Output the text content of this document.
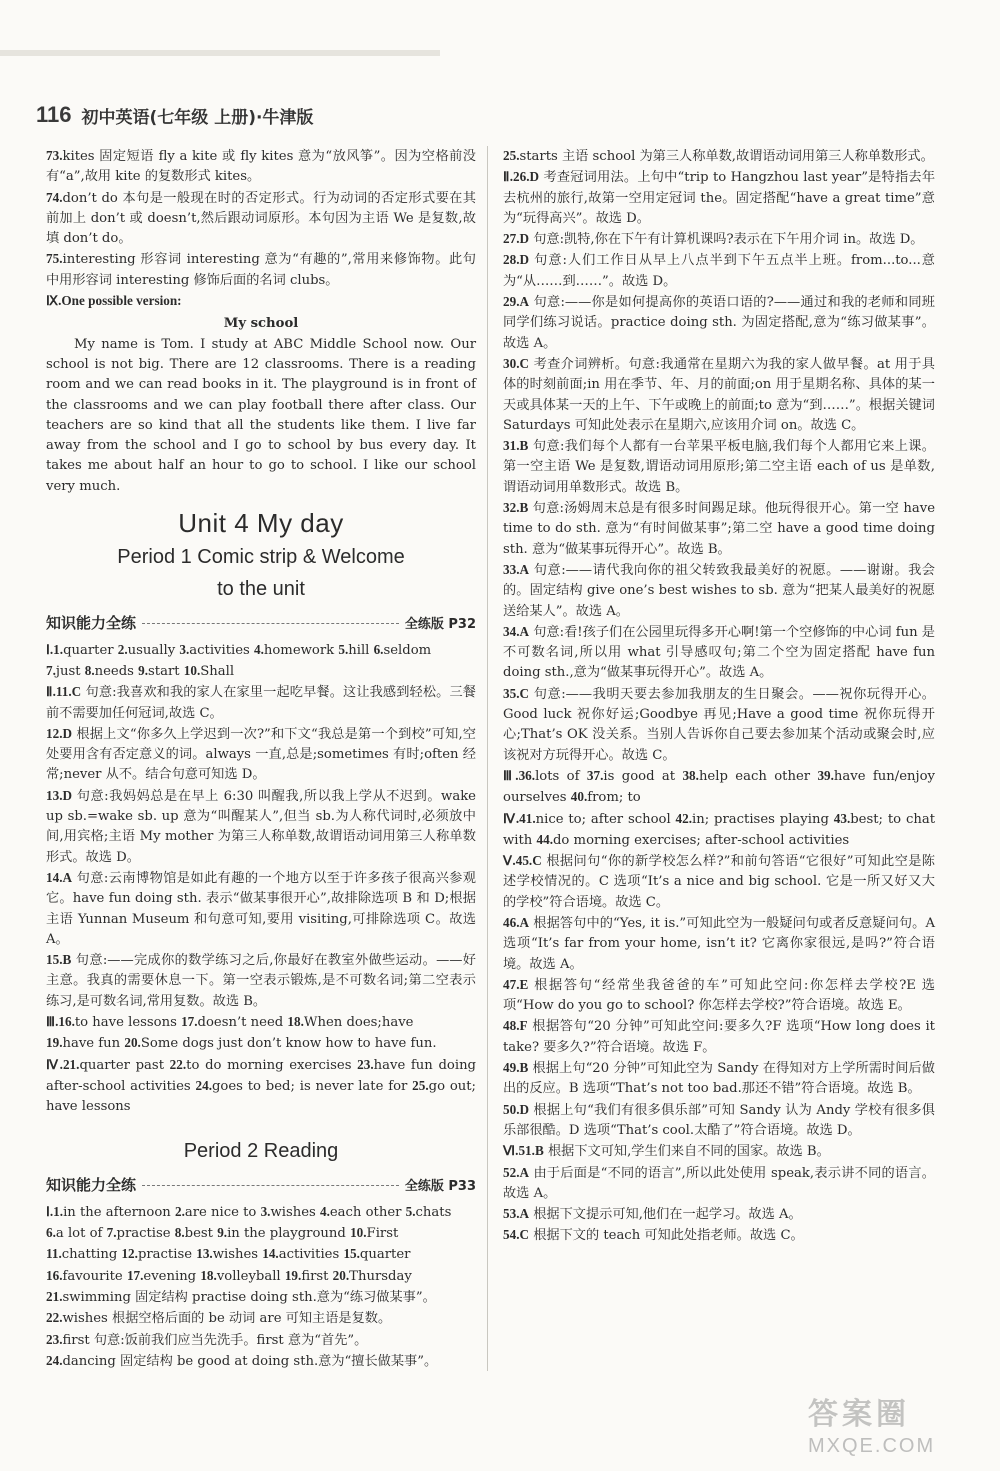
116 初中英语(七年级 上册)·牛津版
73.kites 固定短语 fly a kite 或 fly kites 意为“放风筝”。因为空格前没有“a”,故用 kite 的复数形式 kites。
74.don’t do 本句是一般现在时的否定形式。行为动词的否定形式要在其前加上 don’t 或 doesn’t,然后跟动词原形。本句因为主语 We 是复数,故填 don’t do。
75.interesting 形容词 interesting 意为“有趣的”,常用来修饰物。此句中用形容词 interesting 修饰后面的名词 clubs。
Ⅸ.One possible version:
My school
My name is Tom. I study at ABC Middle School now. Our school is not big. There are 12 classrooms. There is a reading room and we can read books in it. The playground is in front of the classrooms and we can play football there after class. Our teachers are so kind that all the students like them. I live far away from the school and I go to school by bus every day. It takes me about half an hour to go to school. I like our school very much.
Unit 4 My day
Period 1 Comic strip & Welcome
to the unit
知识能力全练	全练版 P32
Ⅰ.1.quarter 2.usually 3.activities 4.homework 5.hill 6.seldom
7.just 8.needs 9.start 10.Shall
Ⅱ.11.C 句意:我喜欢和我的家人在家里一起吃早餐。这让我感到轻松。三餐前不需要加任何冠词,故选 C。
12.D 根据上文“你多久上学迟到一次?”和下文“我总是第一个到校”可知,空处要用含有否定意义的词。always 一直,总是;sometimes 有时;often 经常;never 从不。结合句意可知选 D。
13.D 句意:我妈妈总是在早上 6:30 叫醒我,所以我上学从不迟到。wake up sb.=wake sb. up 意为“叫醒某人”,但当 sb.为人称代词时,必须放中间,用宾格;主语 My mother 为第三人称单数,故谓语动词用第三人称单数形式。故选 D。
14.A 句意:云南博物馆是如此有趣的一个地方以至于许多孩子很高兴参观它。have fun doing sth. 表示“做某事很开心”,故排除选项 B 和 D;根据主语 Yunnan Museum 和句意可知,要用 visiting,可排除选项 C。故选 A。
15.B 句意:——完成你的数学练习之后,你最好在教室外做些运动。——好主意。我真的需要休息一下。第一空表示锻炼,是不可数名词;第二空表示练习,是可数名词,常用复数。故选 B。
Ⅲ.16.to have lessons 17.doesn’t need 18.When does;have
19.have fun 20.Some dogs just don’t know how to have fun.
Ⅳ.21.quarter past 22.to do morning exercises 23.have fun doing after-school activities 24.goes to bed; is never late for 25.go out; have lessons
Period 2 Reading
知识能力全练	全练版 P33
Ⅰ.1.in the afternoon 2.are nice to 3.wishes 4.each other 5.chats
6.a lot of 7.practise 8.best 9.in the playground 10.First
11.chatting 12.practise 13.wishes 14.activities 15.quarter
16.favourite 17.evening 18.volleyball 19.first 20.Thursday
21.swimming 固定结构 practise doing sth.意为“练习做某事”。
22.wishes 根据空格后面的 be 动词 are 可知主语是复数。
23.first 句意:饭前我们应当先洗手。first 意为“首先”。
24.dancing 固定结构 be good at doing sth.意为“擅长做某事”。
25.starts 主语 school 为第三人称单数,故谓语动词用第三人称单数形式。
Ⅱ.26.D 考查冠词用法。上句中“trip to Hangzhou last year”是特指去年去杭州的旅行,故第一空用定冠词 the。固定搭配“have a great time”意为“玩得高兴”。故选 D。
27.D 句意:凯特,你在下午有计算机课吗?表示在下午用介词 in。故选 D。
28.D 句意:人们工作日从早上八点半到下午五点半上班。from...to...意为“从……到……”。故选 D。
29.A 句意:——你是如何提高你的英语口语的?——通过和我的老师和同班同学们练习说话。practice doing sth. 为固定搭配,意为“练习做某事”。故选 A。
30.C 考查介词辨析。句意:我通常在星期六为我的家人做早餐。at 用于具体的时刻前面;in 用在季节、年、月的前面;on 用于星期名称、具体的某一天或具体某一天的上午、下午或晚上的前面;to 意为“到……”。根据关键词 Saturdays 可知此处表示在星期六,应该用介词 on。故选 C。
31.B 句意:我们每个人都有一台苹果平板电脑,我们每个人都用它来上课。第一空主语 We 是复数,谓语动词用原形;第二空主语 each of us 是单数,谓语动词用单数形式。故选 B。
32.B 句意:汤姆周末总是有很多时间踢足球。他玩得很开心。第一空 have time to do sth. 意为“有时间做某事”;第二空 have a good time doing sth. 意为“做某事玩得开心”。故选 B。
33.A 句意:——请代我向你的祖父转致我最美好的祝愿。——谢谢。我会的。固定结构 give one’s best wishes to sb. 意为“把某人最美好的祝愿送给某人”。故选 A。
34.A 句意:看!孩子们在公园里玩得多开心啊!第一个空修饰的中心词 fun 是不可数名词,所以用 what 引导感叹句;第二个空为固定搭配 have fun doing sth.,意为“做某事玩得开心”。故选 A。
35.C 句意:——我明天要去参加我朋友的生日聚会。——祝你玩得开心。Good luck 祝你好运;Goodbye 再见;Have a good time 祝你玩得开心;That’s OK 没关系。当别人告诉你自己要去参加某个活动或聚会时,应该祝对方玩得开心。故选 C。
Ⅲ.36.lots of 37.is good at 38.help each other 39.have fun/enjoy ourselves 40.from; to
Ⅳ.41.nice to; after school 42.in; practises playing 43.best; to chat with 44.do morning exercises; after-school activities
Ⅴ.45.C 根据问句“你的新学校怎么样?”和前句答语“它很好”可知此空是陈述学校情况的。C 选项“It’s a nice and big school. 它是一所又好又大的学校”符合语境。故选 C。
46.A 根据答句中的“Yes, it is.”可知此空为一般疑问句或者反意疑问句。A 选项“It’s far from your home, isn’t it? 它离你家很远,是吗?”符合语境。故选 A。
47.E 根据答句“经常坐我爸爸的车”可知此空问:你怎样去学校?E 选项“How do you go to school? 你怎样去学校?”符合语境。故选 E。
48.F 根据答句“20 分钟”可知此空问:要多久?F 选项“How long does it take? 要多久?”符合语境。故选 F。
49.B 根据上句“20 分钟”可知此空为 Sandy 在得知对方上学所需时间后做出的反应。B 选项“That’s not too bad.那还不错”符合语境。故选 B。
50.D 根据上句“我们有很多俱乐部”可知 Sandy 认为 Andy 学校有很多俱乐部很酷。D 选项“That’s cool.太酷了”符合语境。故选 D。
Ⅵ.51.B 根据下文可知,学生们来自不同的国家。故选 B。
52.A 由于后面是“不同的语言”,所以此处使用 speak,表示讲不同的语言。故选 A。
53.A 根据下文提示可知,他们在一起学习。故选 A。
54.C 根据下文的 teach 可知此处指老师。故选 C。
答案圈
MXQE.COM
